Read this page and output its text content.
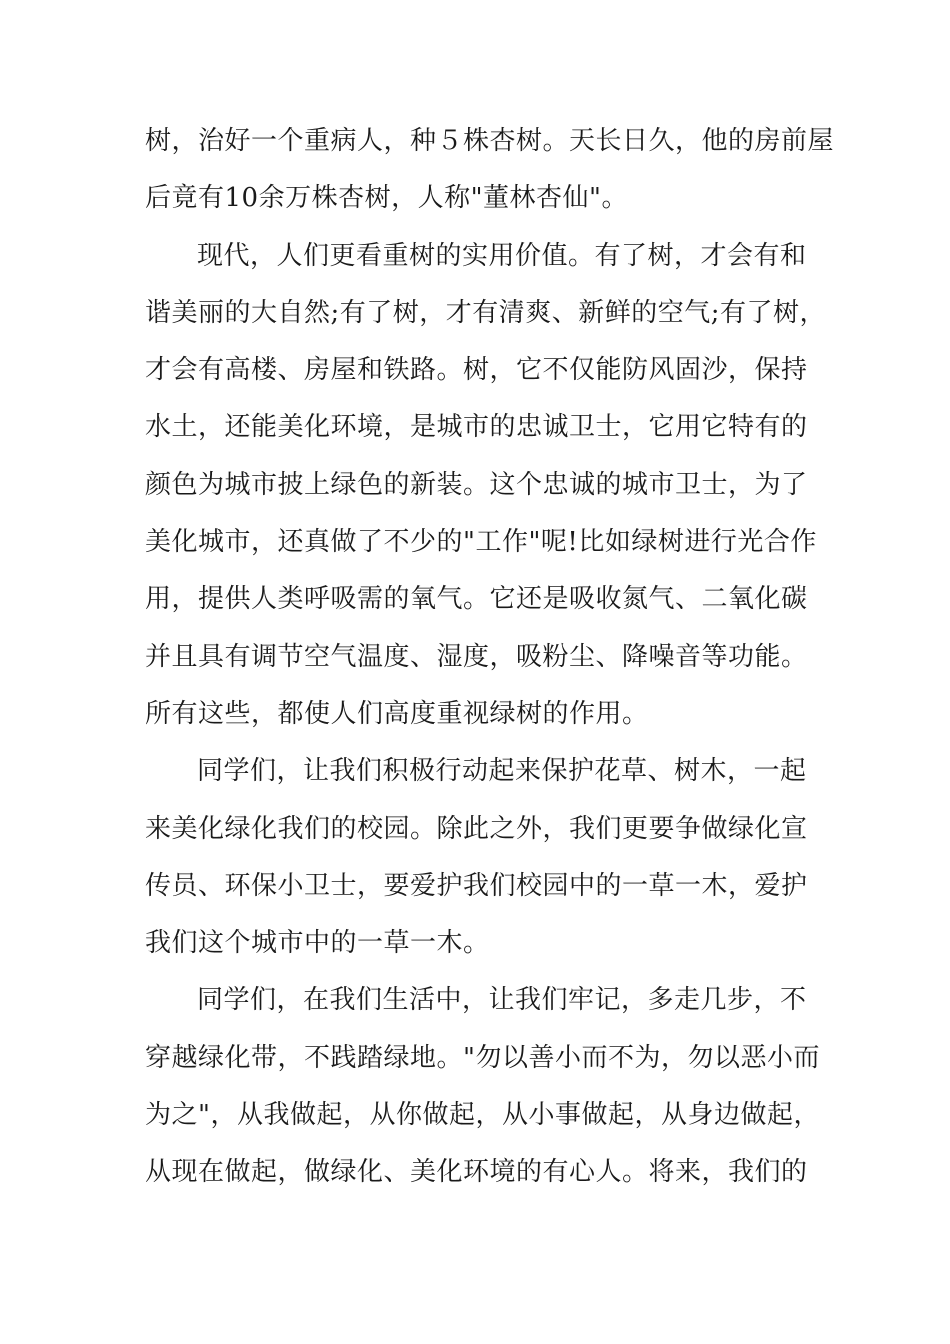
树，治好一个重病人，种５株杏树。天长日久，他的房前屋
后竟有10余万株杏树，人称"董林杏仙"。
现代，人们更看重树的实用价值。有了树，才会有和
谐美丽的大自然;有了树，才有清爽、新鲜的空气;有了树，
才会有高楼、房屋和铁路。树，它不仅能防风固沙，保持
水土，还能美化环境，是城市的忠诚卫士，它用它特有的
颜色为城市披上绿色的新装。这个忠诚的城市卫士，为了
美化城市，还真做了不少的"工作"呢!比如绿树进行光合作
用，提供人类呼吸需的氧气。它还是吸收氮气、二氧化碳
并且具有调节空气温度、湿度，吸粉尘、降噪音等功能。
所有这些，都使人们高度重视绿树的作用。
同学们，让我们积极行动起来保护花草、树木，一起
来美化绿化我们的校园。除此之外，我们更要争做绿化宣
传员、环保小卫士，要爱护我们校园中的一草一木，爱护
我们这个城市中的一草一木。
同学们，在我们生活中，让我们牢记，多走几步，不
穿越绿化带，不践踏绿地。"勿以善小而不为，勿以恶小而
为之"，从我做起，从你做起，从小事做起，从身边做起，
从现在做起，做绿化、美化环境的有心人。将来，我们的
